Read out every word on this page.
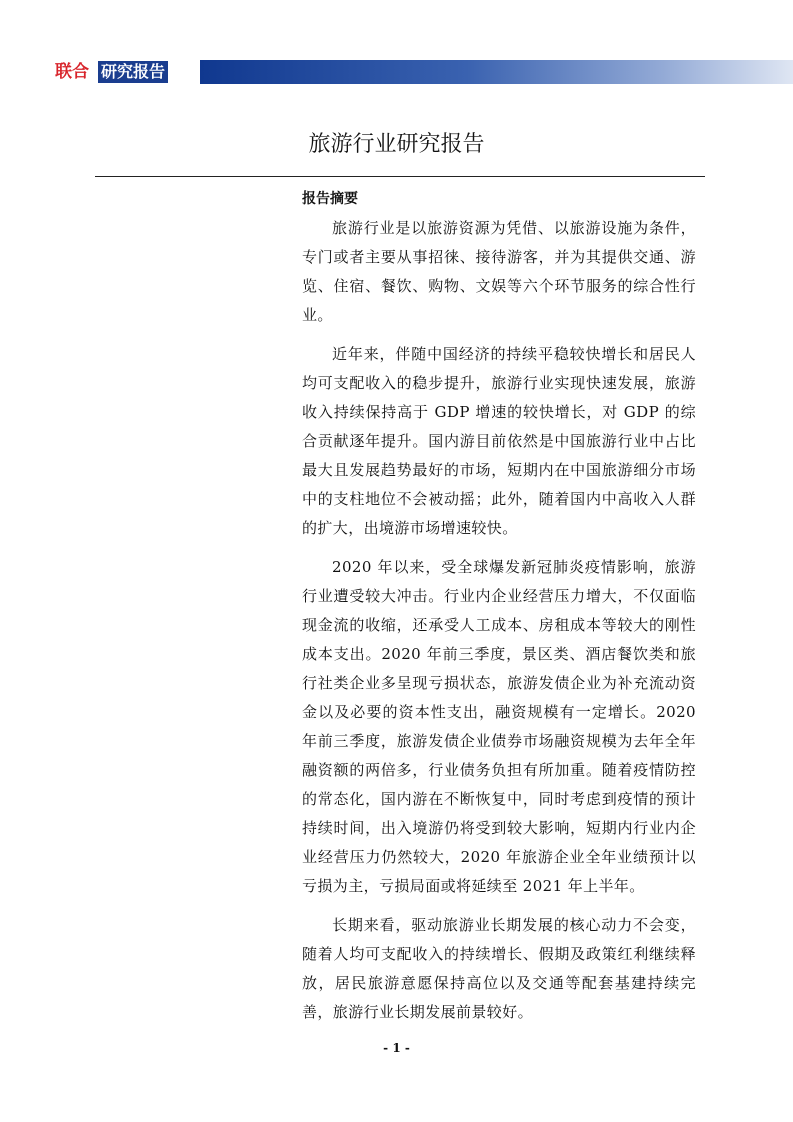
联合 研究报告
旅游行业研究报告
报告摘要

旅游行业是以旅游资源为凭借、以旅游设施为条件，专门或者主要从事招徕、接待游客，并为其提供交通、游览、住宿、餐饮、购物、文娱等六个环节服务的综合性行业。

近年来，伴随中国经济的持续平稳较快增长和居民人均可支配收入的稳步提升，旅游行业实现快速发展，旅游收入持续保持高于 GDP 增速的较快增长，对 GDP 的综合贡献逐年提升。国内游目前依然是中国旅游行业中占比最大且发展趋势最好的市场，短期内在中国旅游细分市场中的支柱地位不会被动摇；此外，随着国内中高收入人群的扩大，出境游市场增速较快。

2020 年以来，受全球爆发新冠肺炎疫情影响，旅游行业遭受较大冲击。行业内企业经营压力增大，不仅面临现金流的收缩，还承受人工成本、房租成本等较大的刚性成本支出。2020 年前三季度，景区类、酒店餐饮类和旅行社类企业多呈现亏损状态，旅游发债企业为补充流动资金以及必要的资本性支出，融资规模有一定增长。2020 年前三季度，旅游发债企业债券市场融资规模为去年全年融资额的两倍多，行业债务负担有所加重。随着疫情防控的常态化，国内游在不断恢复中，同时考虑到疫情的预计持续时间，出入境游仍将受到较大影响，短期内行业内企业经营压力仍然较大，2020 年旅游企业全年业绩预计以亏损为主，亏损局面或将延续至 2021 年上半年。

长期来看，驱动旅游业长期发展的核心动力不会变，随着人均可支配收入的持续增长、假期及政策红利继续释放，居民旅游意愿保持高位以及交通等配套基建持续完善，旅游行业长期发展前景较好。

- 1 -
